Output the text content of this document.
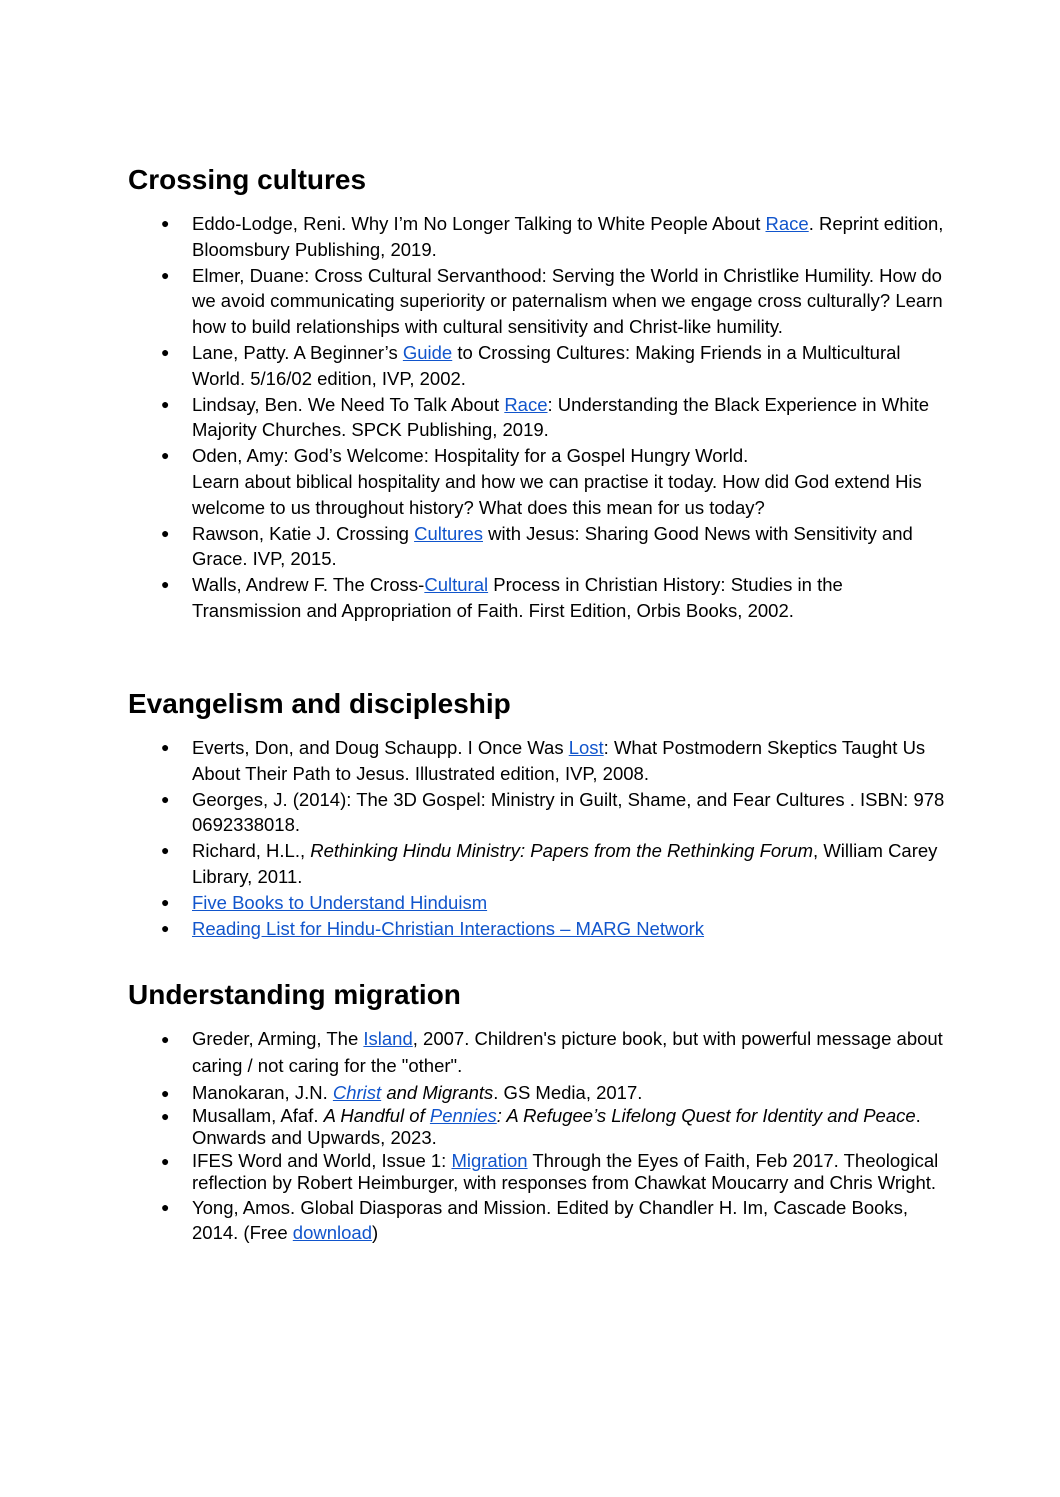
Crossing cultures
● Eddo-Lodge, Reni. Why I’m No Longer Talking to White People About Race. Reprint edition, Bloomsbury Publishing, 2019.
● Elmer, Duane: Cross Cultural Servanthood: Serving the World in Christlike Humility. How do we avoid communicating superiority or paternalism when we engage cross culturally? Learn how to build relationships with cultural sensitivity and Christ-like humility.
● Lane, Patty. A Beginner’s Guide to Crossing Cultures: Making Friends in a Multicultural World. 5/16/02 edition, IVP, 2002.
● Lindsay, Ben. We Need To Talk About Race: Understanding the Black Experience in White Majority Churches. SPCK Publishing, 2019.
● Oden, Amy: God’s Welcome: Hospitality for a Gospel Hungry World.
Learn about biblical hospitality and how we can practise it today. How did God extend His welcome to us throughout history? What does this mean for us today?
● Rawson, Katie J. Crossing Cultures with Jesus: Sharing Good News with Sensitivity and Grace. IVP, 2015.
● Walls, Andrew F. The Cross-Cultural Process in Christian History: Studies in the Transmission and Appropriation of Faith. First Edition, Orbis Books, 2002.
Evangelism and discipleship
● Everts, Don, and Doug Schaupp. I Once Was Lost: What Postmodern Skeptics Taught Us About Their Path to Jesus. Illustrated edition, IVP, 2008.
● Georges, J. (2014): The 3D Gospel: Ministry in Guilt, Shame, and Fear Cultures . ISBN: 978 0692338018.
● Richard, H.L., Rethinking Hindu Ministry: Papers from the Rethinking Forum, William Carey Library, 2011.
● Five Books to Understand Hinduism
● Reading List for Hindu-Christian Interactions – MARG Network
Understanding migration
● Greder, Arming, The Island, 2007. Children's picture book, but with powerful message about caring / not caring for the "other".
● Manokaran, J.N. Christ and Migrants. GS Media, 2017.
● Musallam, Afaf. A Handful of Pennies: A Refugee’s Lifelong Quest for Identity and Peace. Onwards and Upwards, 2023.
● IFES Word and World, Issue 1: Migration Through the Eyes of Faith, Feb 2017. Theological reflection by Robert Heimburger, with responses from Chawkat Moucarry and Chris Wright.
● Yong, Amos. Global Diasporas and Mission. Edited by Chandler H. Im, Cascade Books, 2014. (Free download)
